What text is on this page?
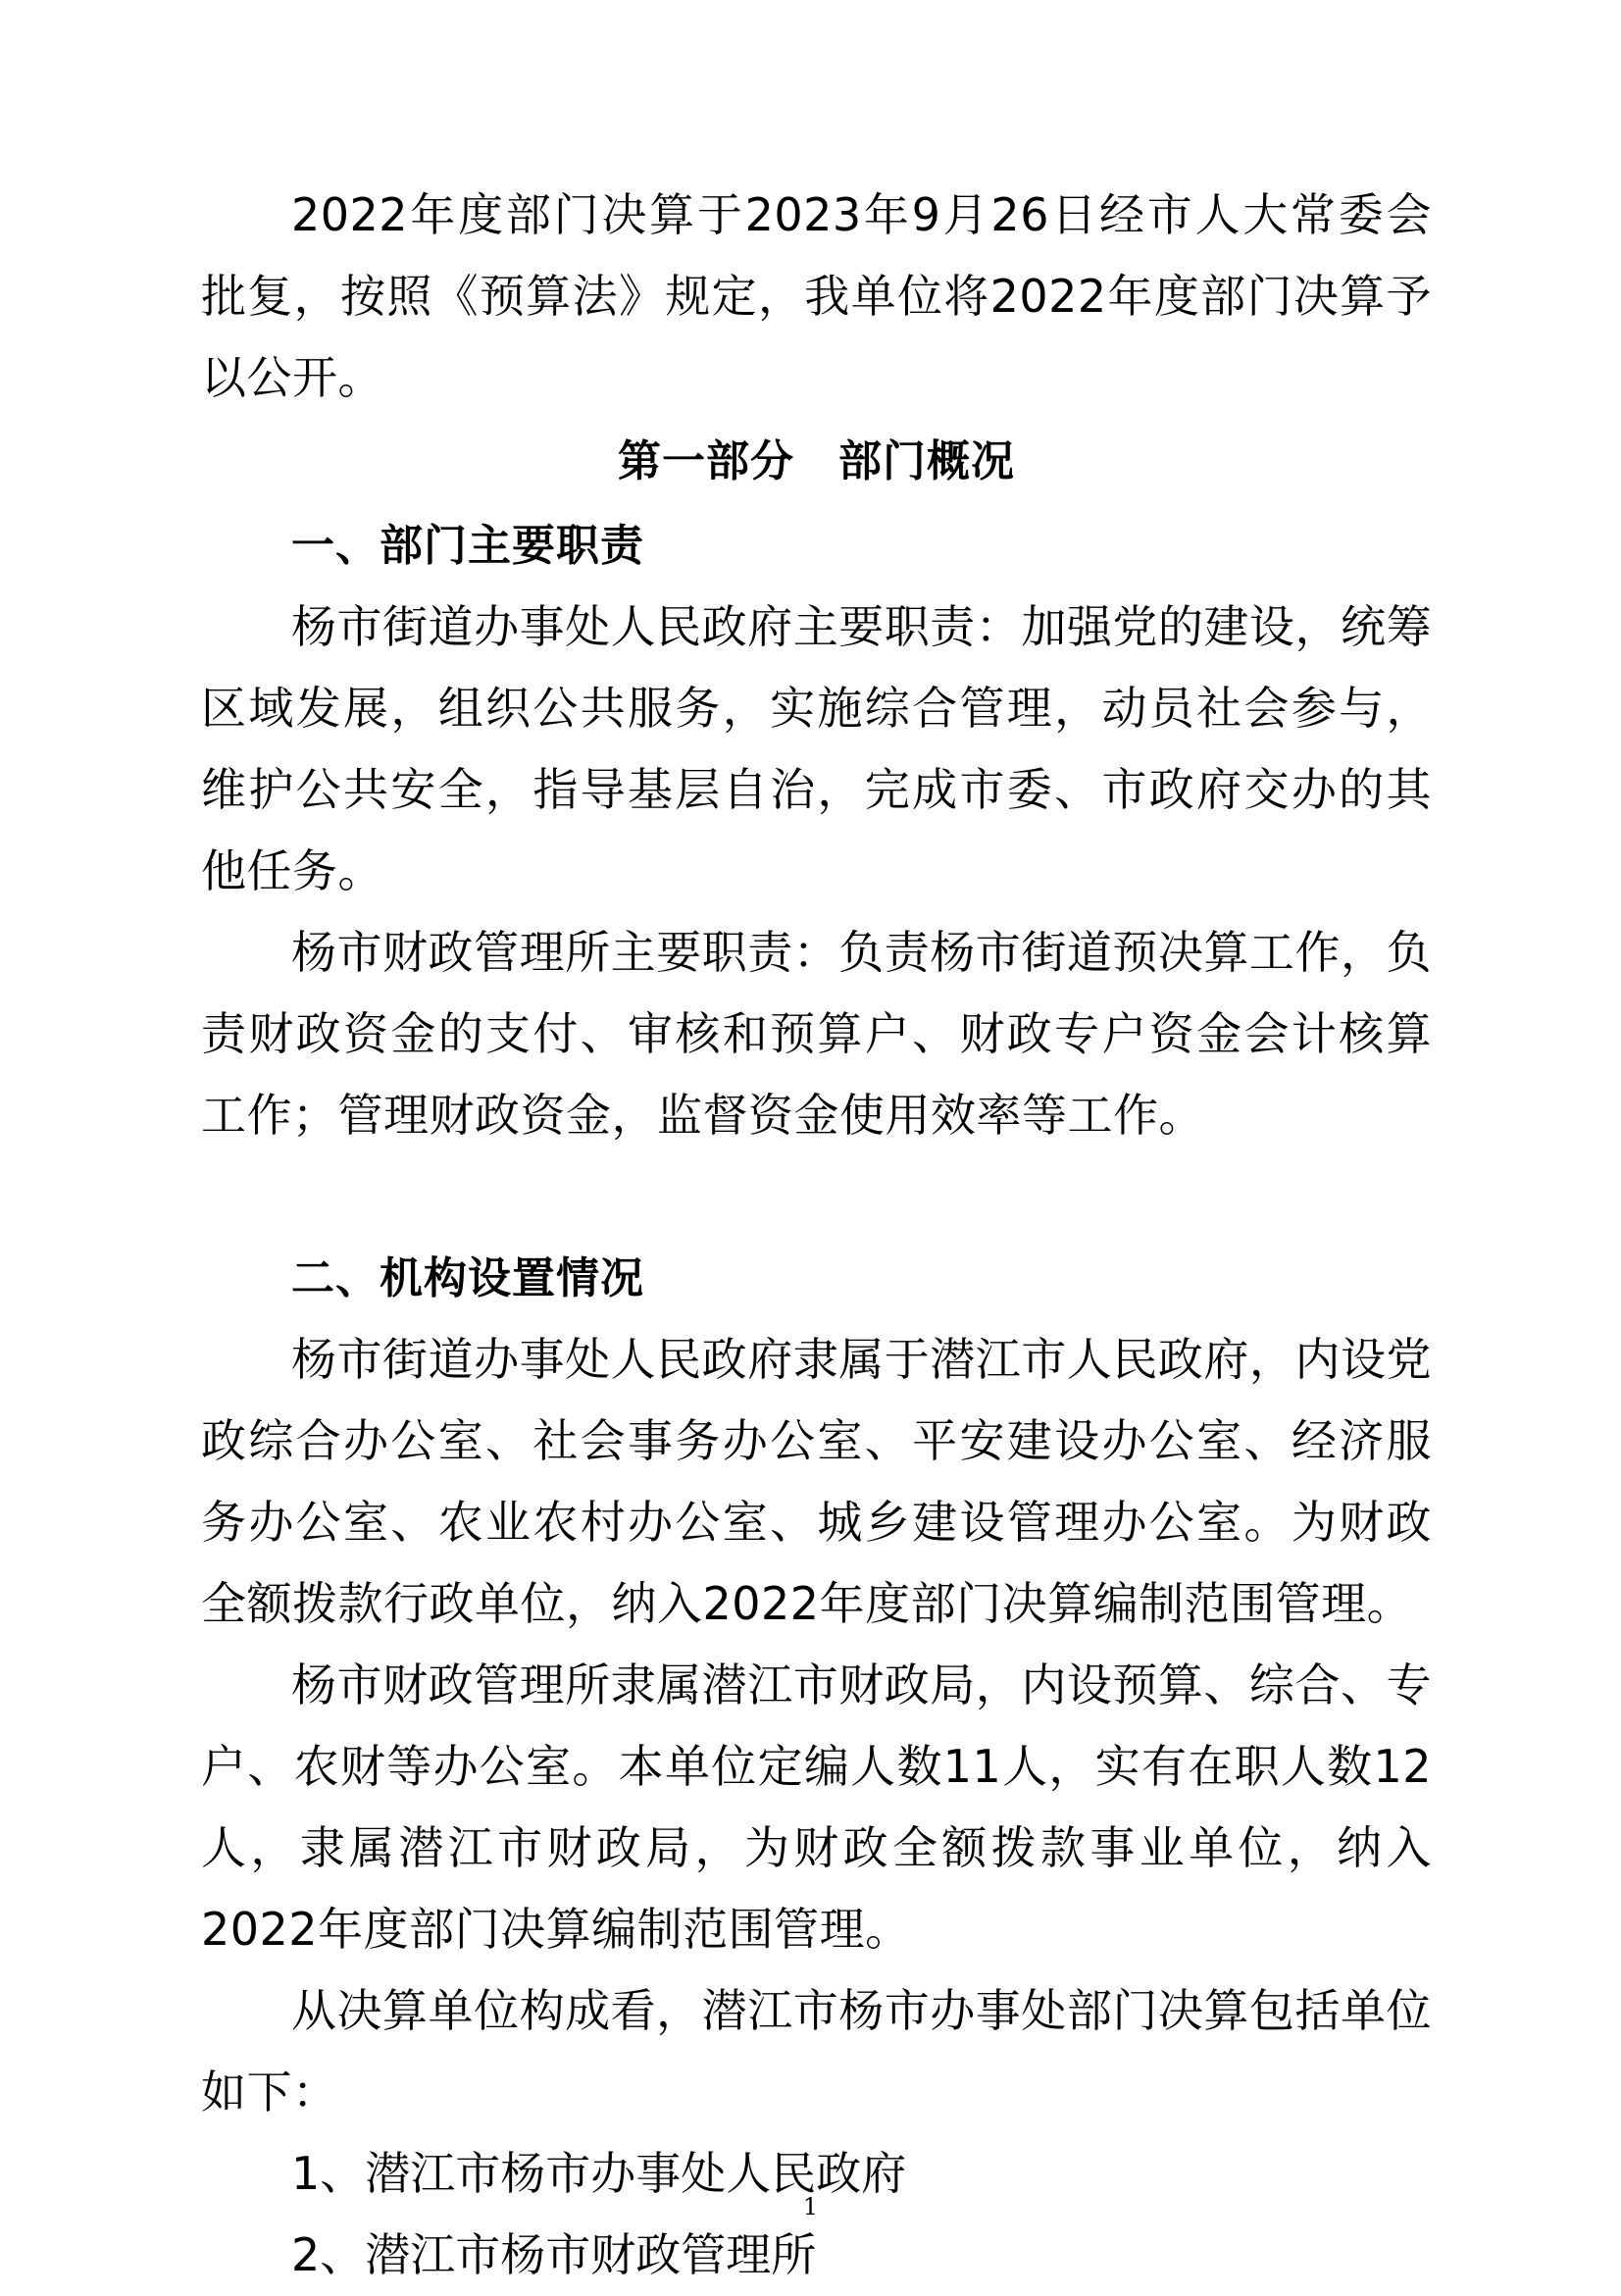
2022年度部门决算于2023年9月26日经市人大常委会批复，按照《预算法》规定，我单位将2022年度部门决算予以公开。

第一部分　部门概况

一、部门主要职责

杨市街道办事处人民政府主要职责：加强党的建设，统筹区域发展，组织公共服务，实施综合管理，动员社会参与，维护公共安全，指导基层自治，完成市委、市政府交办的其他任务。

杨市财政管理所主要职责：负责杨市街道预决算工作，负责财政资金的支付、审核和预算户、财政专户资金会计核算工作；管理财政资金，监督资金使用效率等工作。

二、机构设置情况

杨市街道办事处人民政府隶属于潜江市人民政府，内设党政综合办公室、社会事务办公室、平安建设办公室、经济服务办公室、农业农村办公室、城乡建设管理办公室。为财政全额拨款行政单位，纳入2022年度部门决算编制范围管理。

杨市财政管理所隶属潜江市财政局，内设预算、综合、专户、农财等办公室。本单位定编人数11人，实有在职人数12人，隶属潜江市财政局，为财政全额拨款事业单位，纳入2022年度部门决算编制范围管理。

从决算单位构成看，潜江市杨市办事处部门决算包括单位如下：

1、潜江市杨市办事处人民政府

2、潜江市杨市财政管理所

1
